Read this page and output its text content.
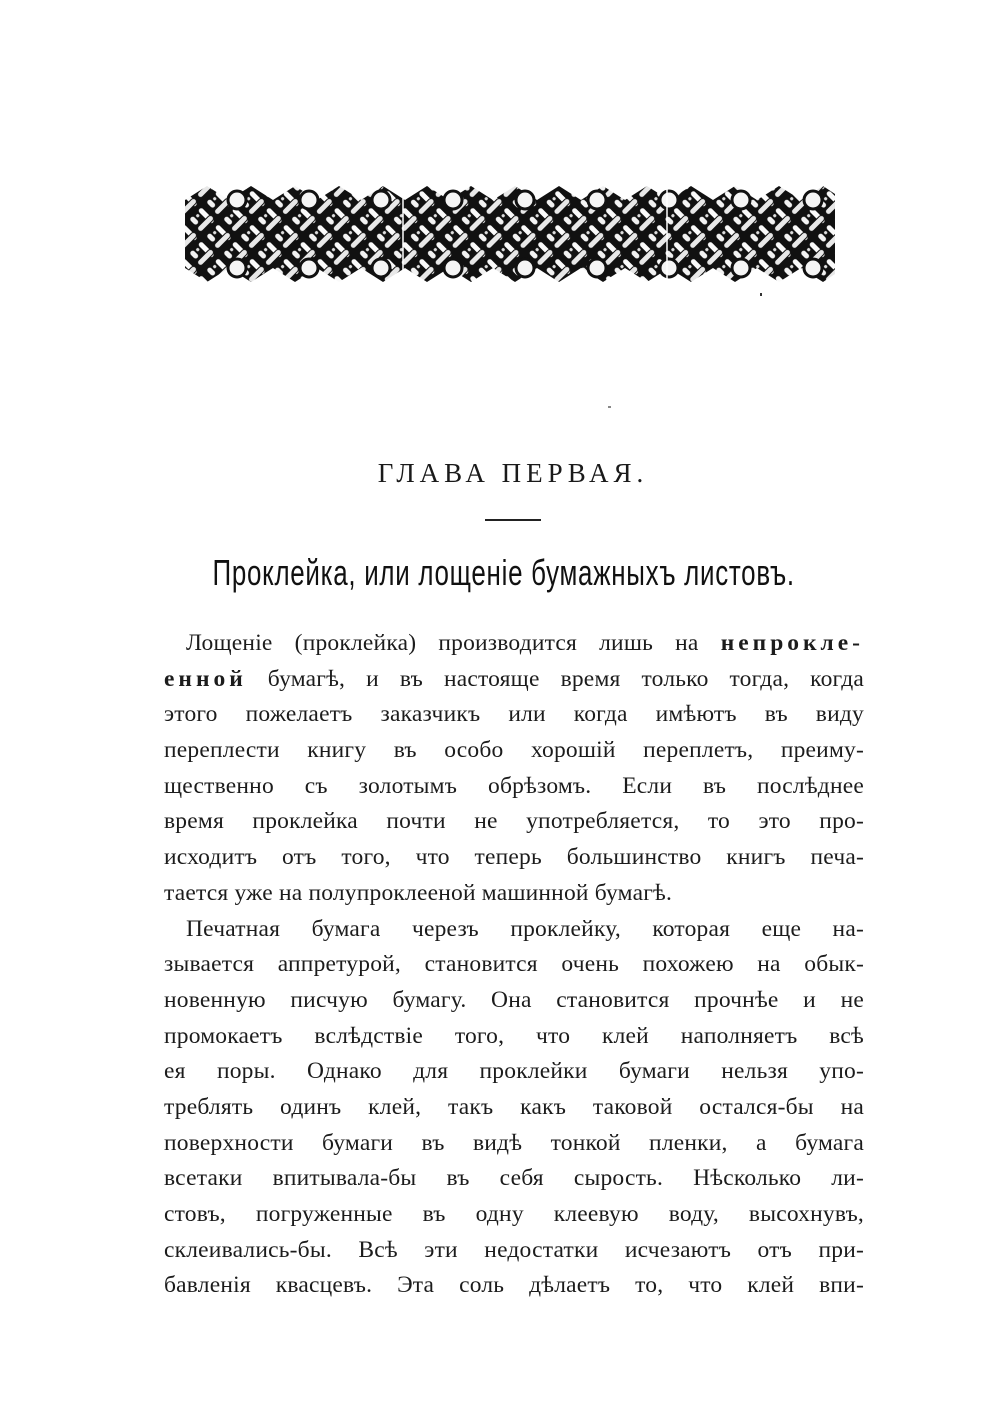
ГЛАВА ПЕРВАЯ.
Проклейка, или лощеніе бумажныхъ листовъ.
Лощеніе (проклейка) производится лишь на непрокле-
енной бумагѣ, и въ настояще время только тогда, когда
этого пожелаетъ заказчикъ или когда имѣютъ въ виду
переплести книгу въ особо хорошій переплетъ, преиму-
щественно съ золотымъ обрѣзомъ. Если въ послѣднее
время проклейка почти не употребляется, то это про-
исходитъ отъ того, что теперь большинство книгъ печа-
тается уже на полупроклееной машинной бумагѣ.
Печатная бумага черезъ проклейку, которая еще на-
зывается аппретурой, становится очень похожею на обык-
новенную писчую бумагу. Она становится прочнѣе и не
промокаетъ вслѣдствіе того, что клей наполняетъ всѣ
ея поры. Однако для проклейки бумаги нельзя упо-
треблять одинъ клей, такъ какъ таковой остался-бы на
поверхности бумаги въ видѣ тонкой пленки, а бумага
всетаки впитывала-бы въ себя сырость. Нѣсколько ли-
стовъ, погруженные въ одну клеевую воду, высохнувъ,
склеивались-бы. Всѣ эти недостатки исчезаютъ отъ при-
бавленія квасцевъ. Эта соль дѣлаетъ то, что клей впи-
